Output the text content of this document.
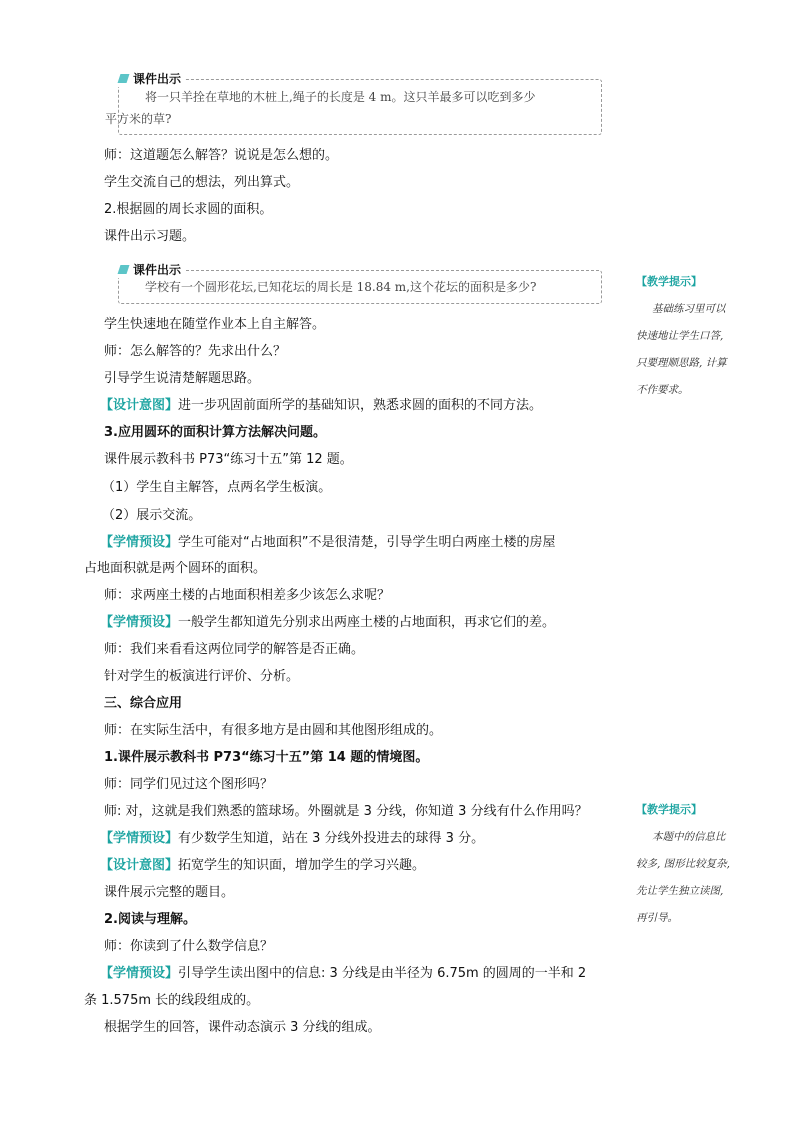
课件出示
将一只羊拴在草地的木桩上,绳子的长度是 4 m。这只羊最多可以吃到多少
平方米的草?

师：这道题怎么解答？说说是怎么想的。

学生交流自己的想法，列出算式。

2.根据圆的周长求圆的面积。

课件出示习题。

课件出示
学校有一个圆形花坛,已知花坛的周长是 18.84 m,这个花坛的面积是多少?

学生快速地在随堂作业本上自主解答。

师：怎么解答的？先求出什么？

引导学生说清楚解题思路。

【设计意图】进一步巩固前面所学的基础知识，熟悉求圆的面积的不同方法。

3.应用圆环的面积计算方法解决问题。

课件展示教科书 P73“练习十五”第 12 题。

（1）学生自主解答，点两名学生板演。

（2）展示交流。

【学情预设】学生可能对“占地面积”不是很清楚，引导学生明白两座土楼的房屋

占地面积就是两个圆环的面积。

师：求两座土楼的占地面积相差多少该怎么求呢？

【学情预设】一般学生都知道先分别求出两座土楼的占地面积，再求它们的差。

师：我们来看看这两位同学的解答是否正确。

针对学生的板演进行评价、分析。

三、综合应用

师：在实际生活中，有很多地方是由圆和其他图形组成的。

1.课件展示教科书 P73“练习十五”第 14 题的情境图。

师：同学们见过这个图形吗？

师: 对，这就是我们熟悉的篮球场。外圈就是 3 分线，你知道 3 分线有什么作用吗？

【学情预设】有少数学生知道，站在 3 分线外投进去的球得 3 分。

【设计意图】拓宽学生的知识面，增加学生的学习兴趣。

课件展示完整的题目。

2.阅读与理解。

师：你读到了什么数学信息？

【学情预设】引导学生读出图中的信息: 3 分线是由半径为 6.75m 的圆周的一半和 2

条 1.575m 长的线段组成的。

根据学生的回答，课件动态演示 3 分线的组成。

【教学提示】
基础练习里可以
快速地让学生口答,
只要理顺思路, 计算
不作要求。
【教学提示】
本题中的信息比
较多, 图形比较复杂,
先让学生独立读图,
再引导。
